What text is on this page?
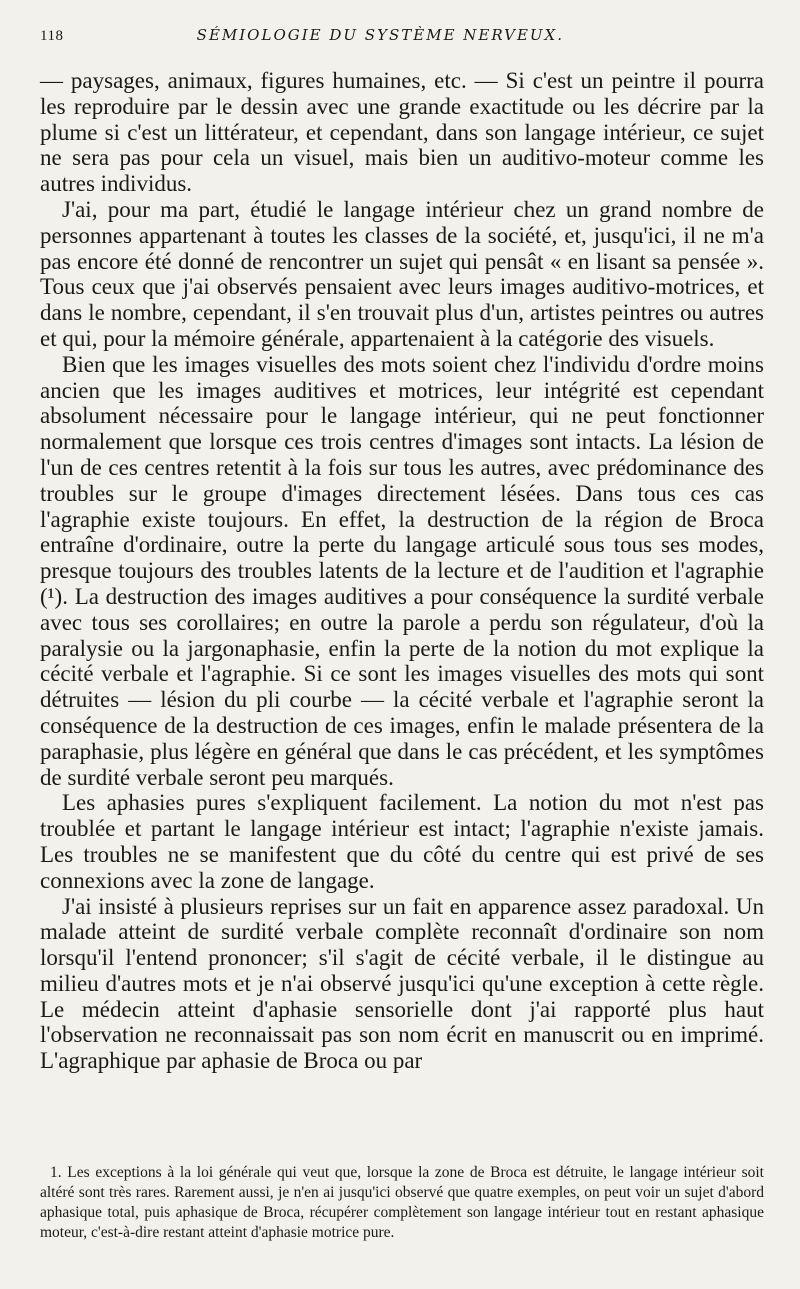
118	SÉMIOLOGIE DU SYSTÈME NERVEUX.

— paysages, animaux, figures humaines, etc. — Si c'est un peintre il pourra les reproduire par le dessin avec une grande exactitude ou les décrire par la plume si c'est un littérateur, et cependant, dans son langage intérieur, ce sujet ne sera pas pour cela un visuel, mais bien un auditivo-moteur comme les autres individus.

J'ai, pour ma part, étudié le langage intérieur chez un grand nombre de personnes appartenant à toutes les classes de la société, et, jusqu'ici, il ne m'a pas encore été donné de rencontrer un sujet qui pensât « en lisant sa pensée ». Tous ceux que j'ai observés pensaient avec leurs images auditivo-motrices, et dans le nombre, cependant, il s'en trouvait plus d'un, artistes peintres ou autres et qui, pour la mémoire générale, appartenaient à la catégorie des visuels.

Bien que les images visuelles des mots soient chez l'individu d'ordre moins ancien que les images auditives et motrices, leur intégrité est cependant absolument nécessaire pour le langage intérieur, qui ne peut fonctionner normalement que lorsque ces trois centres d'images sont intacts. La lésion de l'un de ces centres retentit à la fois sur tous les autres, avec prédominance des troubles sur le groupe d'images directement lésées. Dans tous ces cas l'agraphie existe toujours. En effet, la destruction de la région de Broca entraîne d'ordinaire, outre la perte du langage articulé sous tous ses modes, presque toujours des troubles latents de la lecture et de l'audition et l'agraphie (¹). La destruction des images auditives a pour conséquence la surdité verbale avec tous ses corollaires; en outre la parole a perdu son régulateur, d'où la paralysie ou la jargonaphasie, enfin la perte de la notion du mot explique la cécité verbale et l'agraphie. Si ce sont les images visuelles des mots qui sont détruites — lésion du pli courbe — la cécité verbale et l'agraphie seront la conséquence de la destruction de ces images, enfin le malade présentera de la paraphasie, plus légère en général que dans le cas précédent, et les symptômes de surdité verbale seront peu marqués.

Les aphasies pures s'expliquent facilement. La notion du mot n'est pas troublée et partant le langage intérieur est intact; l'agraphie n'existe jamais. Les troubles ne se manifestent que du côté du centre qui est privé de ses connexions avec la zone de langage.

J'ai insisté à plusieurs reprises sur un fait en apparence assez paradoxal. Un malade atteint de surdité verbale complète reconnaît d'ordinaire son nom lorsqu'il l'entend prononcer; s'il s'agit de cécité verbale, il le distingue au milieu d'autres mots et je n'ai observé jusqu'ici qu'une exception à cette règle. Le médecin atteint d'aphasie sensorielle dont j'ai rapporté plus haut l'observation ne reconnaissait pas son nom écrit en manuscrit ou en imprimé. L'agraphique par aphasie de Broca ou par

1. Les exceptions à la loi générale qui veut que, lorsque la zone de Broca est détruite, le langage intérieur soit altéré sont très rares. Rarement aussi, je n'en ai jusqu'ici observé que quatre exemples, on peut voir un sujet d'abord aphasique total, puis aphasique de Broca, récupérer complètement son langage intérieur tout en restant aphasique moteur, c'est-à-dire restant atteint d'aphasie motrice pure.
